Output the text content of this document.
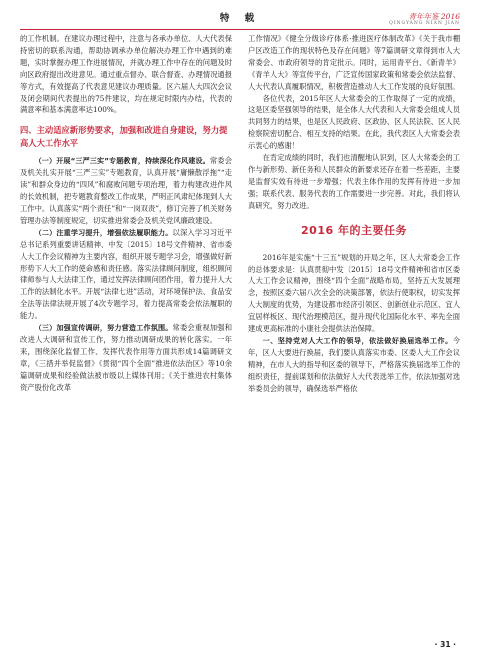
特 载	青年年鉴 2016
QINGYANG NIAN JIAN

的工作机制。在建议办理过程中，注意与各承办单位、人大代表保持密切的联系沟通，帮助协调承办单位解决办理工作中遇到的难题，实时掌握办理工作进展情况，并就办理工作中存在的问题及时向区政府提出改进意见。通过重点督办、联合督查、办理情况通报等方式，有效提高了代表意见建议办理质量。区六届人大四次会议及闭会期间代表提出的75件建议，均在规定时限内办结，代表的满意率和基本满意率达100%。

四、主动适应新形势要求，加强和改进自身建设，努力提高人大工作水平

（一）开展“三严三实”专题教育，持续深化作风建设。常委会及机关扎实开展“三严三实”专题教育，认真开展“庸懒散浮拖”“走读”和群众身边的“四风”和腐败问题专项治理，着力构建改进作风的长效机制，把专题教育整改工作成果，严明正风肃纪体现到人大工作中。认真落实“两个责任”和“一岗双责”，修订完善了机关财务管理办法等制度规定，切实推进常委会及机关党风廉政建设。

（二）注重学习提升，增强依法履职能力。以深入学习习近平总书记系列重要讲话精神、中发〔2015〕18号文件精神、省市委人大工作会议精神为主要内容，组织开展专题学习会，增强做好新形势下人大工作的使命感和责任感。落实法律顾问制度，组织顾问律师参与人大法律工作，通过发挥法律顾问团作用，着力提升人大工作的法制化水平。开展“法律七进”活动，对环境保护法、食品安全法等法律法规开展了4次专题学习，着力提高常委会依法履职的能力。

（三）加强宣传调研，努力营造工作氛围。常委会重视加强和改进人大调研和宣传工作，努力推动调研成果的转化落实。一年来，围绕深化监督工作、发挥代表作用等方面共形成14篇调研文章，《三措并举促监督》《贯彻“四个全面”推进依法治区》等10余篇调研成果和经验做法被市级以上媒体刊用；《关于推进农村集体资产股份化改革

工作情况》《健全分级诊疗体系·推进医疗体制改革》《关于我市棚户区改造工作的现状特色及存在问题》等7篇调研文章得到市人大常委会、市政府领导的肯定批示。同时，运用青平台、《新青羊》《青羊人大》等宣传平台，广泛宣传国家政策和常委会依法监督、人大代表认真履职情况，积极营造推动人大工作发展的良好氛围。

各位代表，2015年区人大常委会的工作取得了一定的成绩，这是区委坚强领导的结果，是全体人大代表和人大常委会组成人员共同努力的结果，也是区人民政府、区政协、区人民法院、区人民检察院密切配合、相互支持的结果。在此，我代表区人大常委会表示衷心的感谢！

在肯定成绩的同时，我们也清醒地认识到，区人大常委会的工作与新形势、新任务和人民群众的新要求还存在着一些差距，主要是监督实效有待进一步增强；代表主体作用的发挥有待进一步加强；联系代表、服务代表的工作需要进一步完善。对此，我们将认真研究，努力改进。

2016 年的主要任务

2016年是实施“十三五”规划的开局之年，区人大常委会工作的总体要求是：认真贯彻中发〔2015〕18号文件精神和省市区委人大工作会议精神，围绕“四个全面”战略布局，坚持五大发展理念，按照区委六届八次全会的决策部署，依法行使职权，切实发挥人大制度的优势，为建设都市经济引领区、创新创业示范区、宜人宜居样板区、现代治理模范区，提升现代化国际化水平、率先全面建成更高标准的小康社会提供法治保障。

一、坚持党对人大工作的领导，依法做好换届选举工作。今年，区人大要进行换届，我们要认真落实市委、区委人大工作会议精神，在市人大的指导和区委的领导下，严格落实换届选举工作的组织责任，提前谋划和依法做好人大代表选举工作，依法加强对选举委员会的领导，确保选举严格依

· 31 ·
